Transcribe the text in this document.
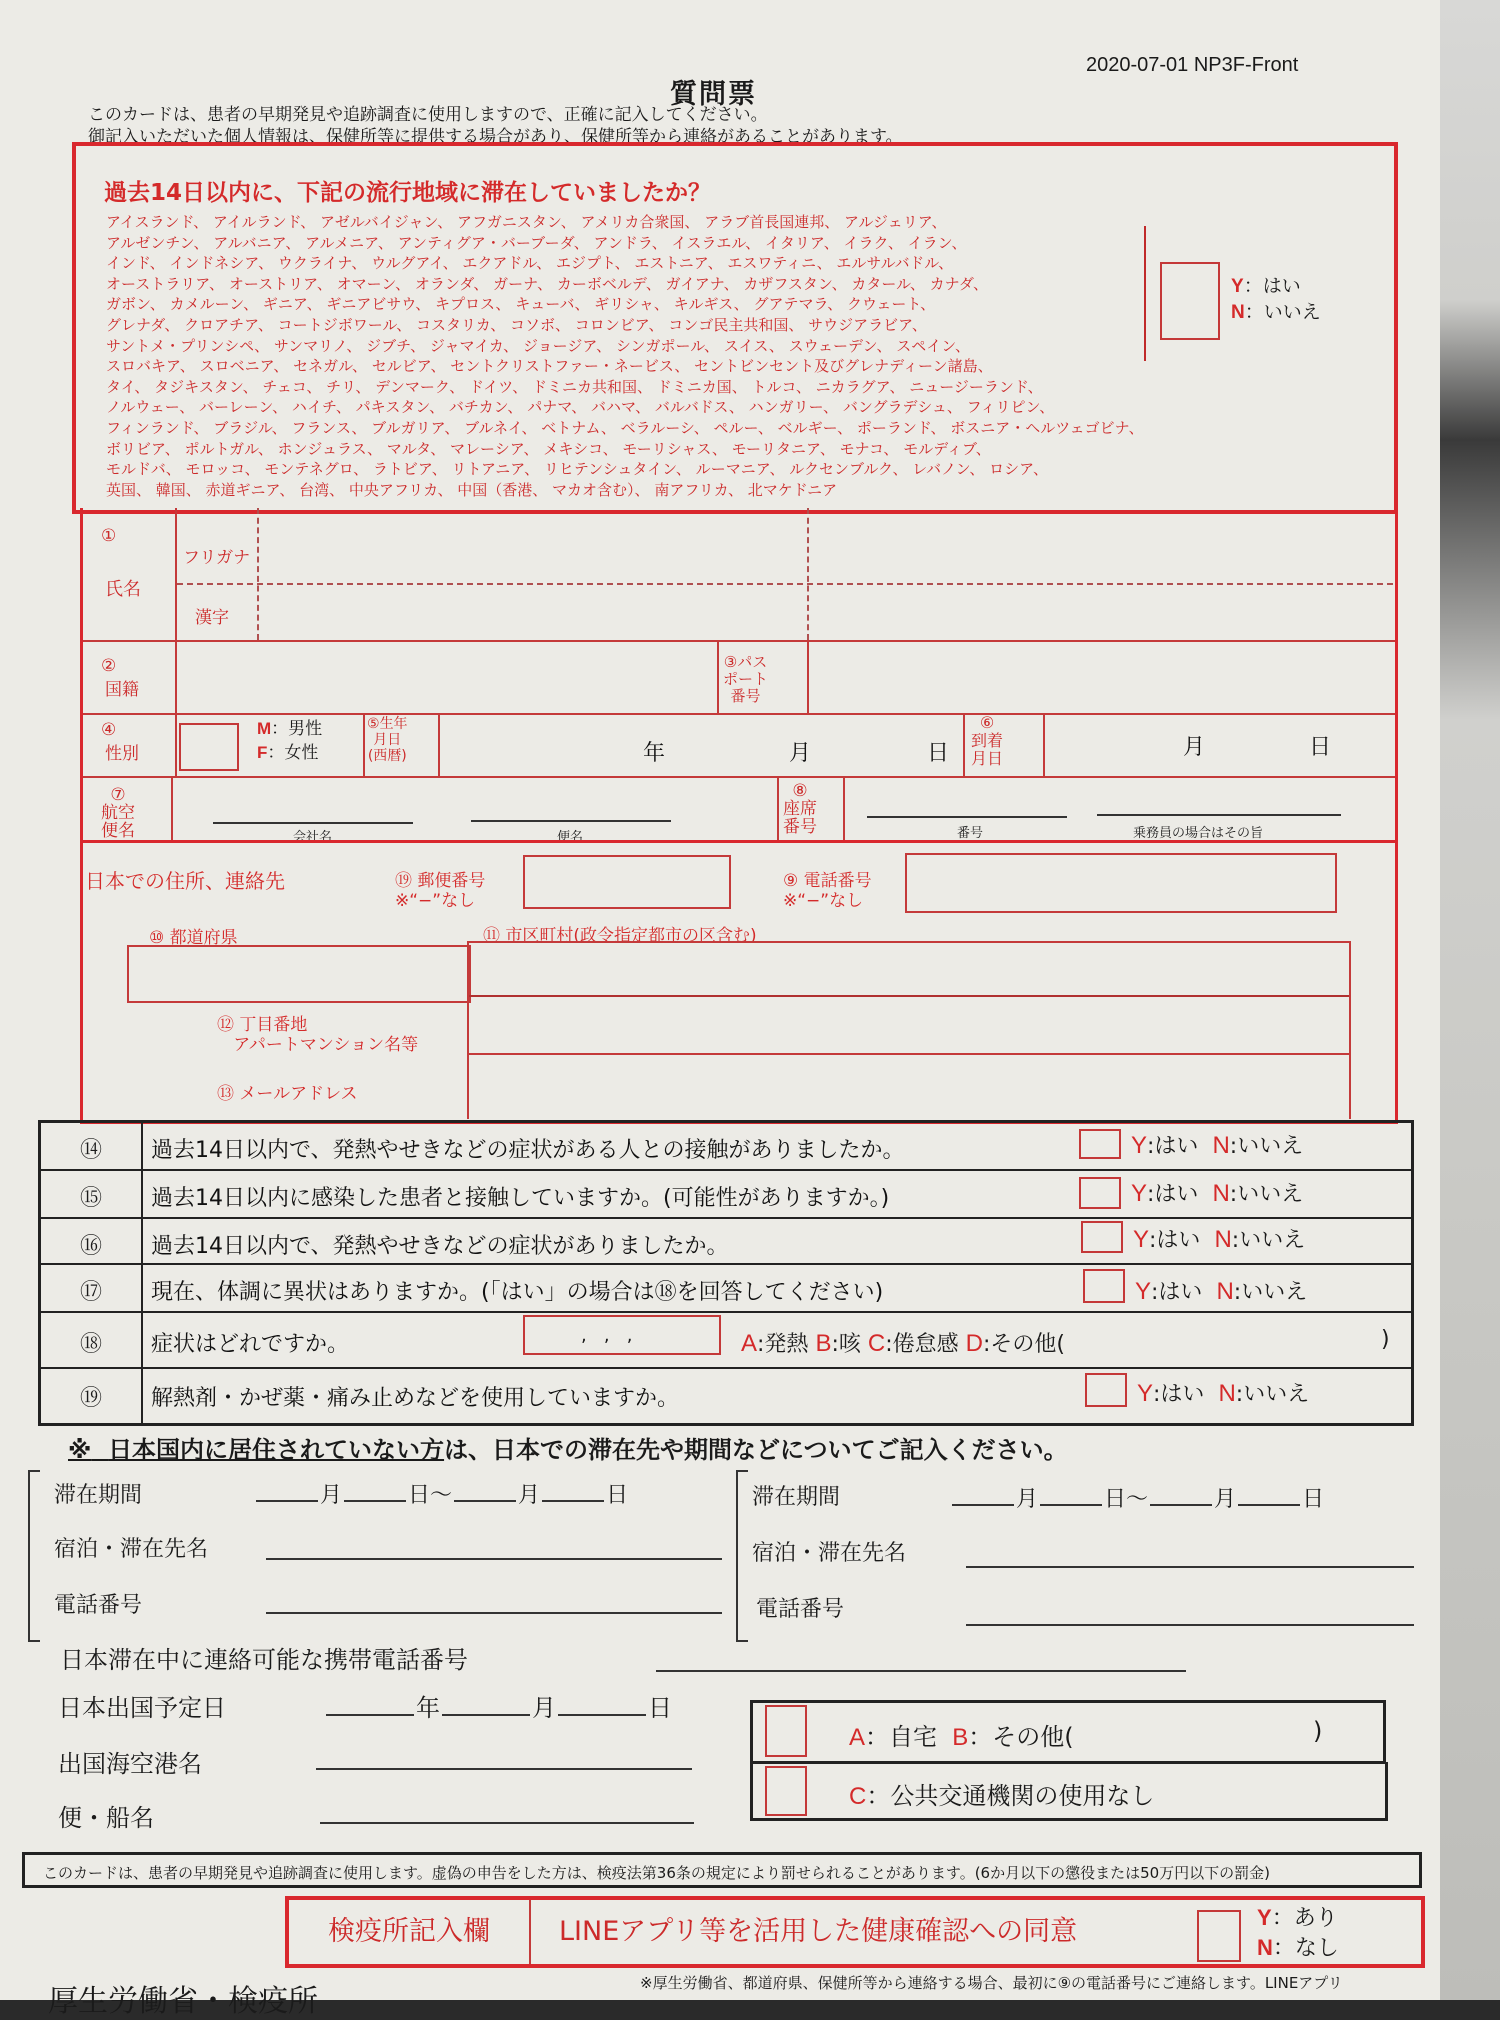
質問票
2020-07-01 NP3F-Front
このカードは、患者の早期発見や追跡調査に使用しますので、正確に記入してください。
御記入いただいた個人情報は、保健所等に提供する場合があり、保健所等から連絡があることがあります。
過去14日以内に、下記の流行地域に滞在していましたか？
アイスランド、 アイルランド、 アゼルバイジャン、 アフガニスタン、 アメリカ合衆国、 アラブ首長国連邦、 アルジェリア、
アルゼンチン、 アルバニア、 アルメニア、 アンティグア・バーブーダ、 アンドラ、 イスラエル、 イタリア、 イラク、 イラン、
インド、 インドネシア、 ウクライナ、 ウルグアイ、 エクアドル、 エジプト、 エストニア、 エスワティニ、 エルサルバドル、
オーストラリア、 オーストリア、 オマーン、 オランダ、 ガーナ、 カーボベルデ、 ガイアナ、 カザフスタン、 カタール、 カナダ、
ガボン、 カメルーン、 ギニア、 ギニアビサウ、 キプロス、 キューバ、 ギリシャ、 キルギス、 グアテマラ、 クウェート、
グレナダ、 クロアチア、 コートジボワール、 コスタリカ、 コソボ、 コロンビア、 コンゴ民主共和国、 サウジアラビア、
サントメ・プリンシペ、 サンマリノ、 ジブチ、 ジャマイカ、 ジョージア、 シンガポール、 スイス、 スウェーデン、 スペイン、
スロバキア、 スロベニア、 セネガル、 セルビア、 セントクリストファー・ネービス、 セントビンセント及びグレナディーン諸島、
タイ、 タジキスタン、 チェコ、 チリ、 デンマーク、 ドイツ、 ドミニカ共和国、 ドミニカ国、 トルコ、 ニカラグア、 ニュージーランド、
ノルウェー、 バーレーン、 ハイチ、 パキスタン、 バチカン、 パナマ、 バハマ、 バルバドス、 ハンガリー、 バングラデシュ、 フィリピン、
フィンランド、 ブラジル、 フランス、 ブルガリア、 ブルネイ、 ベトナム、 ベラルーシ、 ペルー、 ベルギー、 ポーランド、 ボスニア・ヘルツェゴビナ、
ボリビア、 ポルトガル、 ホンジュラス、 マルタ、 マレーシア、 メキシコ、 モーリシャス、 モーリタニア、 モナコ、 モルディブ、
モルドバ、 モロッコ、 モンテネグロ、 ラトビア、 リトアニア、 リヒテンシュタイン、 ルーマニア、 ルクセンブルク、 レバノン、 ロシア、
英国、 韓国、 赤道ギニア、 台湾、 中央アフリカ、 中国（香港、 マカオ含む）、 南アフリカ、 北マケドニア
Y：はい
N：いいえ
①
氏名
フリガナ
漢字
②
国籍
③パス
ポート
番号
④
性別
M：男性
F：女性
⑤生年
月日
(西暦)	年	月	日
⑥
到着
月日	月	日
⑦
航空
便名	会社名	便名
⑧
座席
番号	番号	乗務員の場合はその旨
日本での住所、連絡先	⑲ 郵便番号
※“−”なし
⑨ 電話番号
※“−”なし
⑩ 都道府県	⑪ 市区町村(政令指定都市の区含む)
⑫ 丁目番地
アパートマンション名等
⑬ メールアドレス
⑭	過去14日以内で、発熱やせきなどの症状がある人との接触がありましたか。	Y:はい N:いいえ
⑮	過去14日以内に感染した患者と接触していますか。(可能性がありますか。)	Y:はい N:いいえ
⑯	過去14日以内で、発熱やせきなどの症状がありましたか。	Y:はい N:いいえ
⑰	現在、体調に異状はありますか。(「はい」の場合は⑱を回答してください)	Y:はい N:いいえ
⑱	症状はどれですか。	,   ,   ,	A:発熱 B:咳 C:倦怠感 D:その他(	)
⑲	解熱剤・かぜ薬・痛み止めなどを使用していますか。	Y:はい N:いいえ
※ 日本国内に居住されていない方は、日本での滞在先や期間などについてご記入ください。
滞在期間	月	日〜	月	日
宿泊・滞在先名
電話番号
滞在期間	月	日〜	月	日
宿泊・滞在先名
電話番号
日本滞在中に連絡可能な携帯電話番号
日本出国予定日	年	月	日
出国海空港名
便・船名
A：自宅 B：その他(	)
C：公共交通機関の使用なし
このカードは、患者の早期発見や追跡調査に使用します。虚偽の申告をした方は、検疫法第36条の規定により罰せられることがあります。(6か月以下の懲役または50万円以下の罰金)
検疫所記入欄	LINEアプリ等を活用した健康確認への同意	Y：あり
N：なし
厚生労働省・検疫所
※厚生労働省、都道府県、保健所等から連絡する場合、最初に⑨の電話番号にご連絡します。LINEアプリ
